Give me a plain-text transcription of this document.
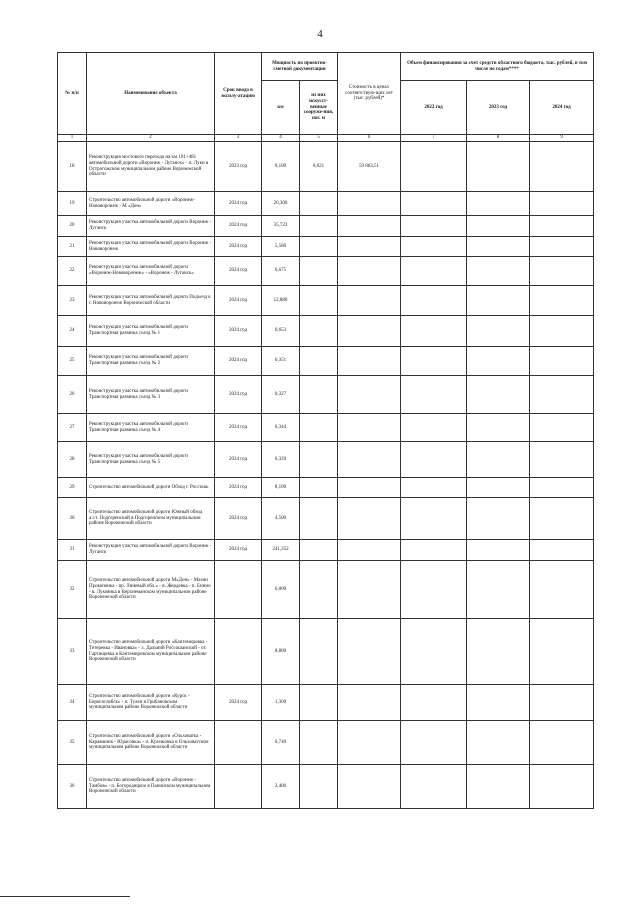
4
№ п/п	Наименование объекта	Срок ввода в эксплу-атацию	Мощность по проектно-сметной документации		Стоимость в ценах соответствую-щих лет (тыс. рублей)*	Объем финансирования за счет средств областного бюджета, тыс. рублей, в том числе по годам****		
			км	из них искусст-венные сооруже-ния, пог. м		2022 год	2023 год	2024 год
1	2	3	4	5	6	7	8	9
18	Реконструкция мостового перехода на км 101+481 автомобильной дороги «Воронеж - Луганск» - п. Луки в Острогожском муниципальном районе Воронежской области	2023 год	0,100	0,021	59 863,51			
19	Строительство автомобильной дороги «Воронеж-Нововоронеж - М «Дон»	2024 год	20,300					
20	Реконструкция участка автомобильной дороги Воронеж - Луганск	2024 год	35,722					
21	Реконструкция участка автомобильной дороги Воронеж - Нововоронеж	2024 год	5,580					
22	Реконструкция участка автомобильной дороги «Воронеж-Нововоронеж» - «Воронеж - Луганск»	2024 год	6,675					
23	Реконструкция участка автомобильной дороги Подъезд к г. Нововоронеж Воронежской области	2024 год	12,880					
24	Реконструкция участка автомобильной дороги Транспортная развязка съезд № 1	2024 год	0,653					
25	Реконструкция участка автомобильной дороги Транспортная развязка съезд № 2	2024 год	0,351					
26	Реконструкция участка автомобильной дороги Транспортная развязка съезд № 3	2024 год	0,327					
27	Реконструкция участка автомобильной дороги Транспортная развязка съезд № 4	2024 год	0,344					
28	Реконструкция участка автомобильной дороги Транспортная развязка съезд № 5	2024 год	0,320					
29	Строительство автомобильной дороги Обход г. Россошь	2024 год	8,100					
30	Строительство автомобильной дороги Южный обход а.г.т. Подгоренский в Подгоренском муниципальном районе Воронежской области	2024 год	4,500					
31	Реконструкция участка автомобильной дороги Воронеж - Луганск	2024 год	241,352					
32	Строительство автомобильной дороги М«Дон» - Мазин Прокопенка - пр. Линевый обл.» - в. Жердевка - п. Енино - в. Лукоянка в Верхнеманском муниципальном районе Воронежской области		6,000					
33	Строительство автомобильной дороги «Кантемировка - Тетеревка - Ивановка» - х. Дальний Россошанский - от. Гартищевка в Кантемировском муниципальном районе Воронежской области		8,800					
34	Строительство автомобильной дороги «Курск - Борисоглебск» - п. Тулен в Грибановском муниципальном районе Воронежской области	2024 год	1,300					
35	Строительство автомобильной дороги «Ольховатка - Караяшник - Юрасовка» - п. Кулешовка в Ольховатском муниципальном районе Воронежской области		0,740					
36	Строительство автомобильной дороги «Воронеж - Тамбов» - п. Богородицкое в Панинском муниципальном Воронежской области		2,400					
